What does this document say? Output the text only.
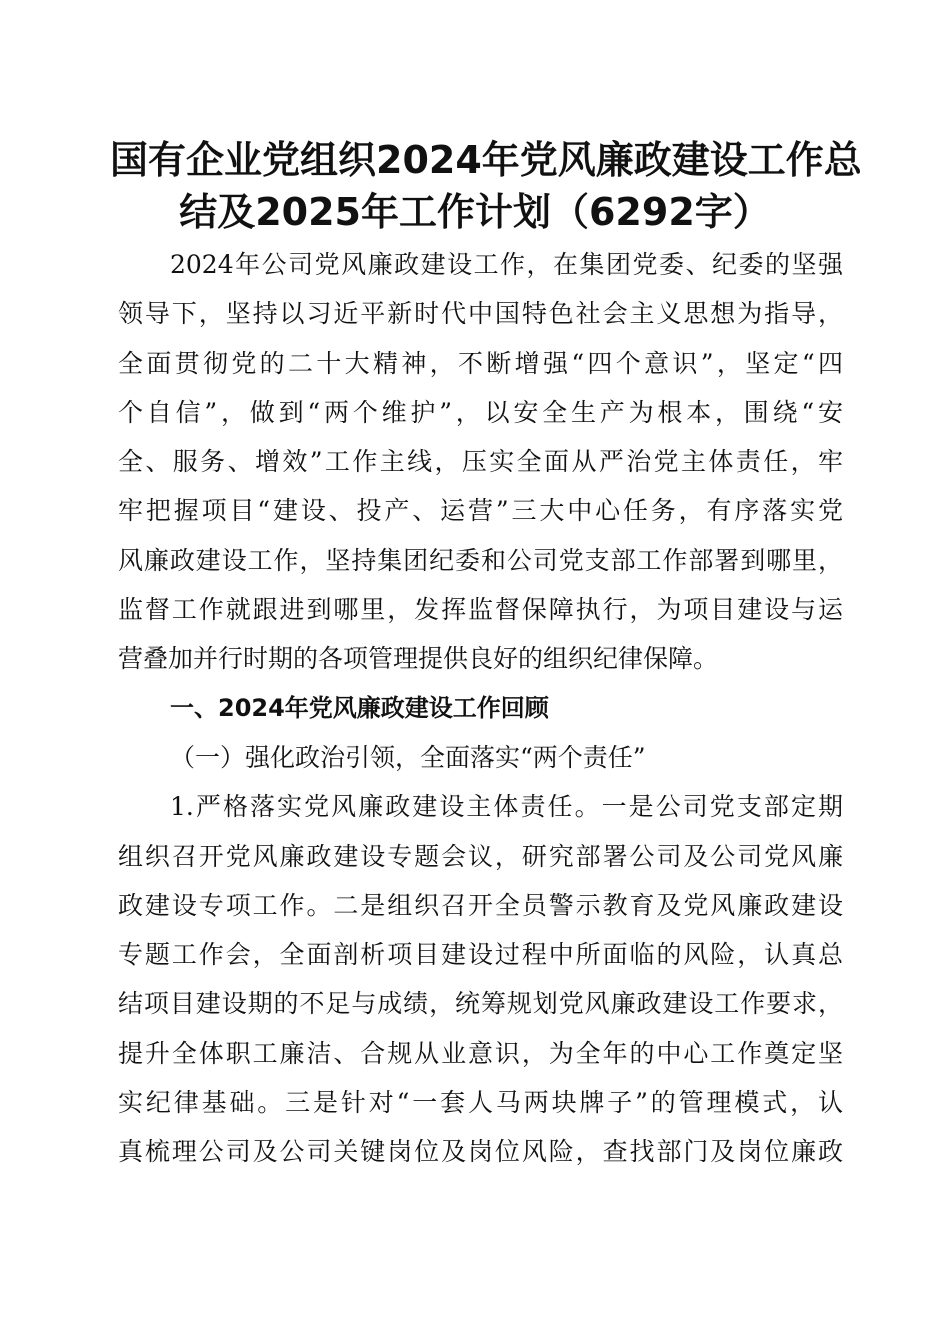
国有企业党组织2024年党风廉政建设工作总
结及2025年工作计划（6292字）
2024年公司党风廉政建设工作，在集团党委、纪委的坚强
领导下，坚持以习近平新时代中国特色社会主义思想为指导，
全面贯彻党的二十大精神，不断增强“四个意识”，坚定“四
个自信”，做到“两个维护”，以安全生产为根本，围绕“安
全、服务、增效”工作主线，压实全面从严治党主体责任，牢
牢把握项目“建设、投产、运营”三大中心任务，有序落实党
风廉政建设工作，坚持集团纪委和公司党支部工作部署到哪里，
监督工作就跟进到哪里，发挥监督保障执行，为项目建设与运
营叠加并行时期的各项管理提供良好的组织纪律保障。
一、2024年党风廉政建设工作回顾
（一）强化政治引领，全面落实“两个责任”
1.严格落实党风廉政建设主体责任。一是公司党支部定期
组织召开党风廉政建设专题会议，研究部署公司及公司党风廉
政建设专项工作。二是组织召开全员警示教育及党风廉政建设
专题工作会，全面剖析项目建设过程中所面临的风险，认真总
结项目建设期的不足与成绩，统筹规划党风廉政建设工作要求，
提升全体职工廉洁、合规从业意识，为全年的中心工作奠定坚
实纪律基础。三是针对“一套人马两块牌子”的管理模式，认
真梳理公司及公司关键岗位及岗位风险，查找部门及岗位廉政
